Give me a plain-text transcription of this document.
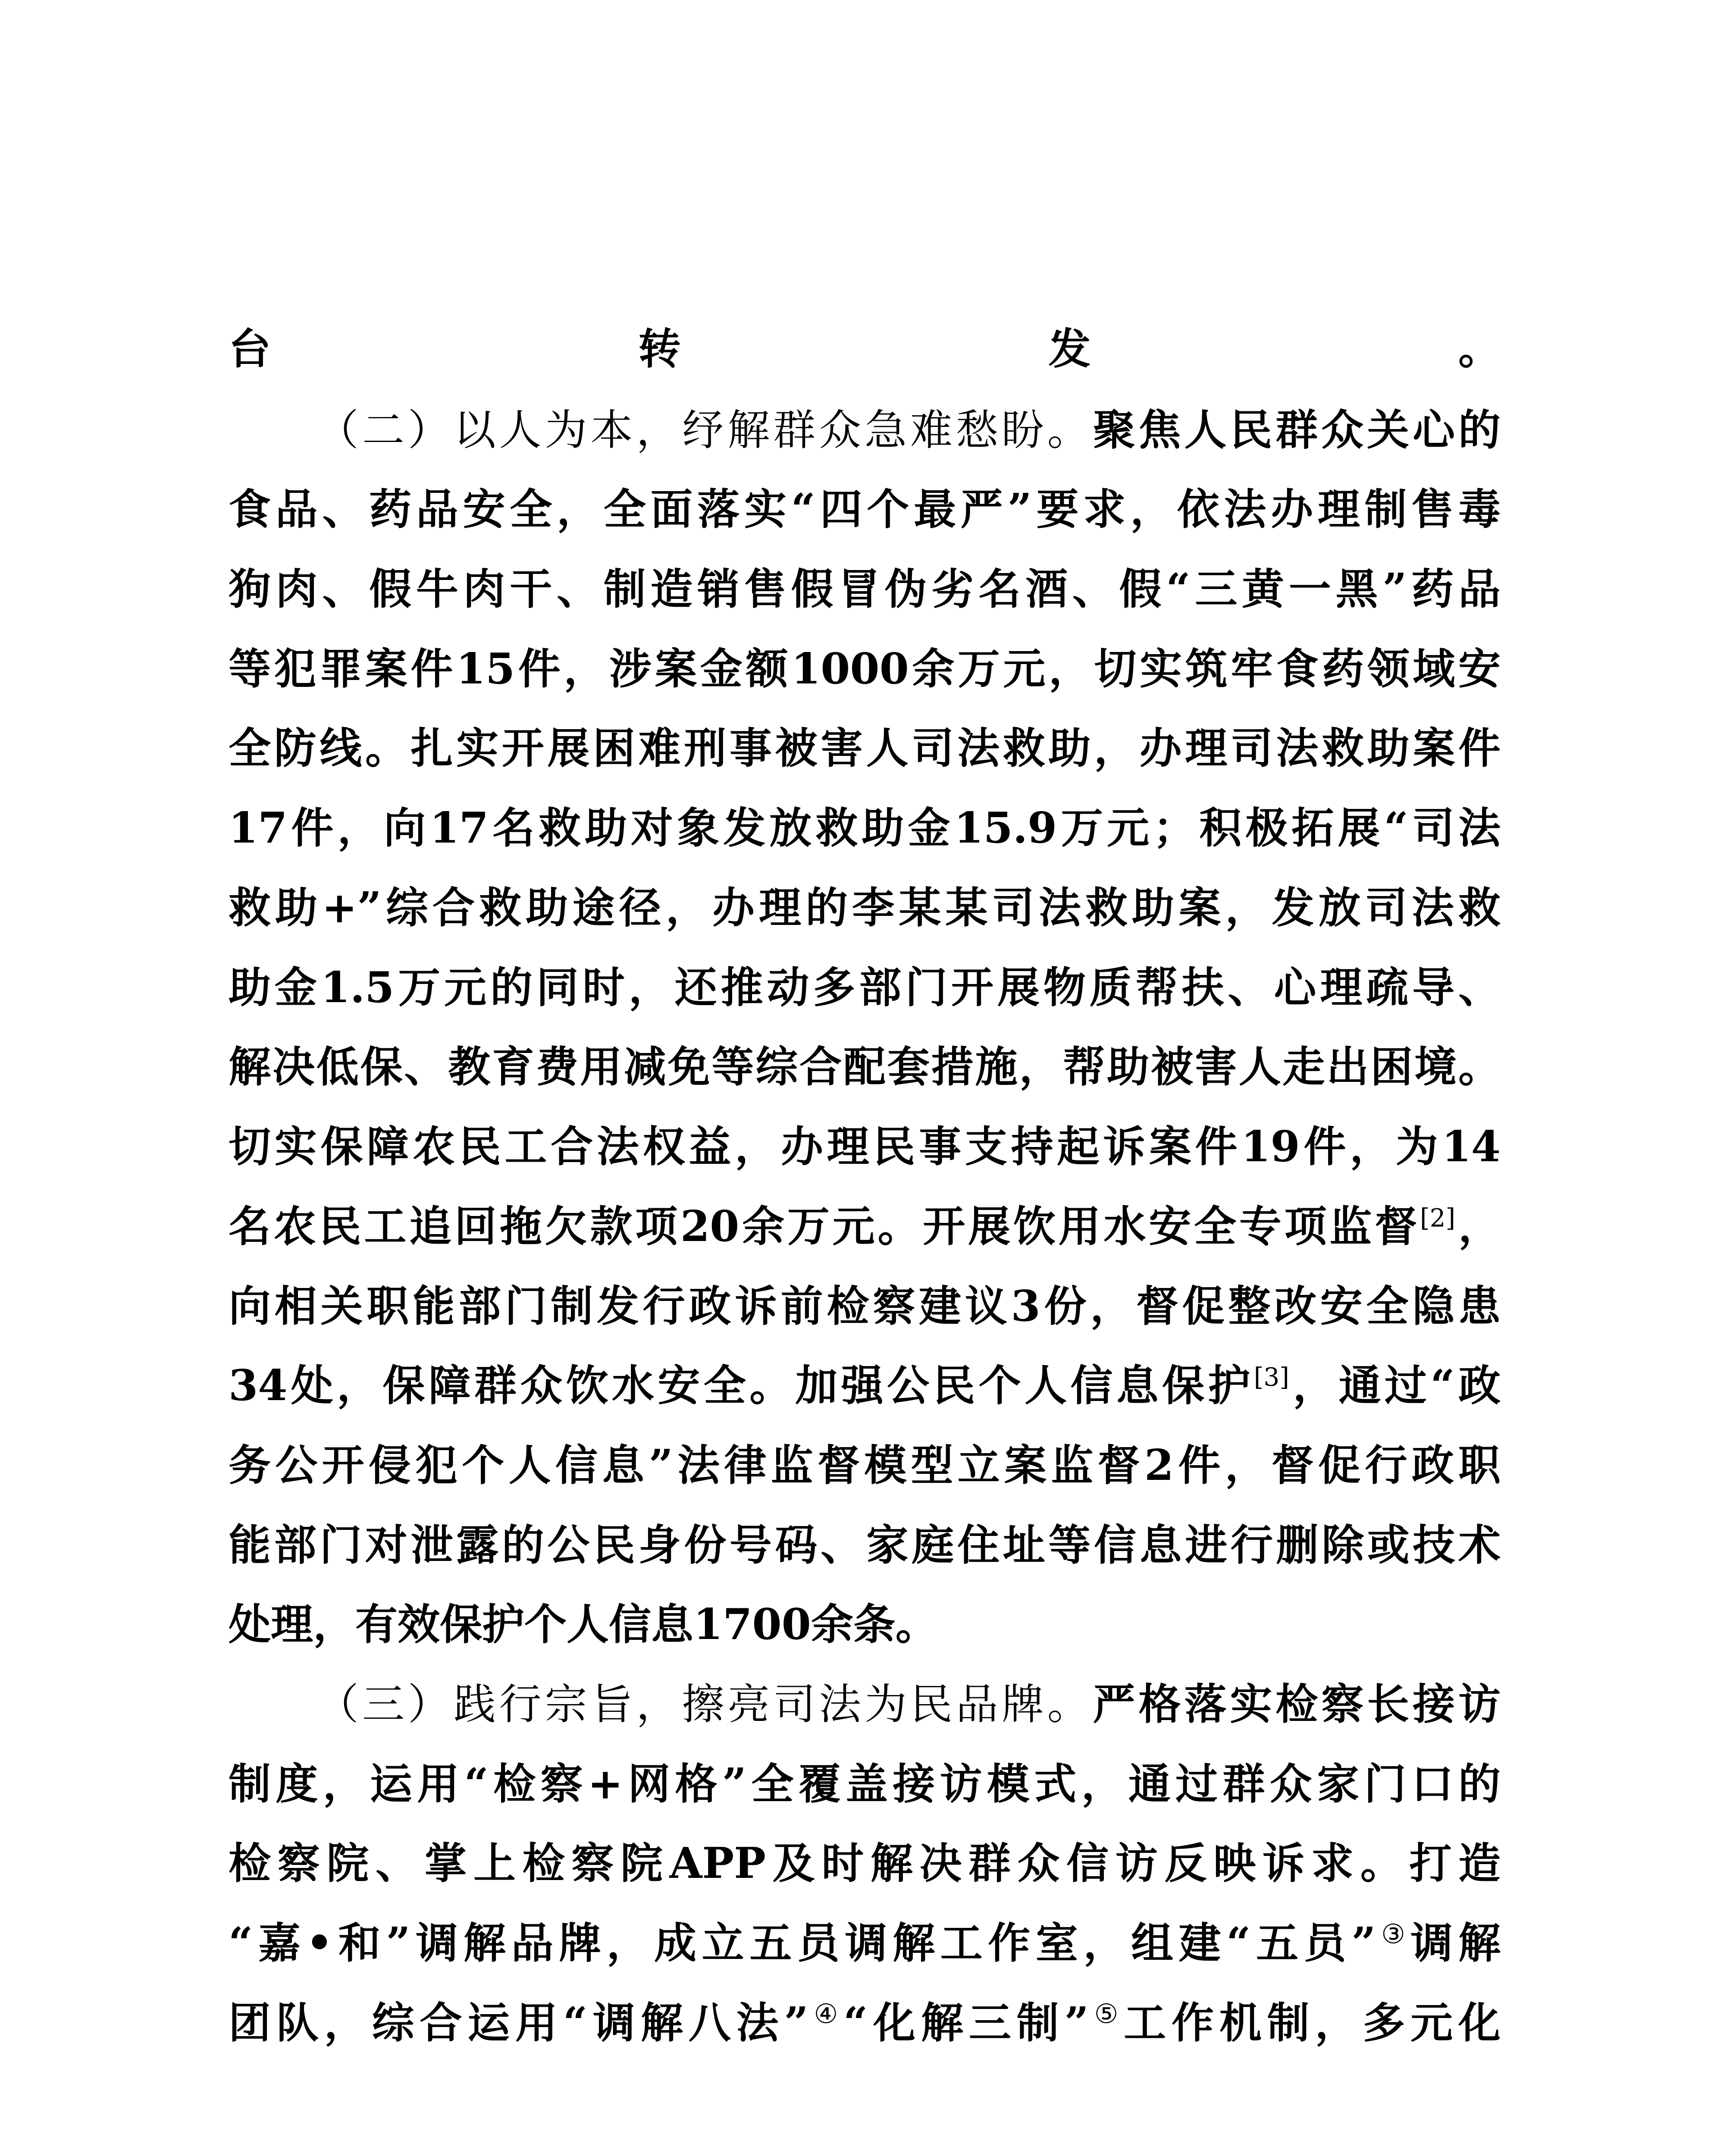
台转发。
（二）以人为本，纾解群众急难愁盼。聚焦人民群众关心的
食品、药品安全，全面落实“四个最严”要求，依法办理制售毒
狗肉、假牛肉干、制造销售假冒伪劣名酒、假“三黄一黑”药品
等犯罪案件15件，涉案金额1000余万元，切实筑牢食药领域安
全防线。扎实开展困难刑事被害人司法救助，办理司法救助案件
17件，向17名救助对象发放救助金15.9万元；积极拓展“司法
救助+”综合救助途径，办理的李某某司法救助案，发放司法救
助金1.5万元的同时，还推动多部门开展物质帮扶、心理疏导、
解决低保、教育费用减免等综合配套措施，帮助被害人走出困境。
切实保障农民工合法权益，办理民事支持起诉案件19件，为14
名农民工追回拖欠款项20余万元。开展饮用水安全专项监督[2]，
向相关职能部门制发行政诉前检察建议3份，督促整改安全隐患
34处，保障群众饮水安全。加强公民个人信息保护[3]，通过“政
务公开侵犯个人信息”法律监督模型立案监督2件，督促行政职
能部门对泄露的公民身份号码、家庭住址等信息进行删除或技术
处理，有效保护个人信息1700余条。
（三）践行宗旨，擦亮司法为民品牌。严格落实检察长接访
制度，运用“检察+网格”全覆盖接访模式，通过群众家门口的
检察院、掌上检察院APP及时解决群众信访反映诉求。打造
“嘉•和”调解品牌，成立五员调解工作室，组建“五员”③调解
团队，综合运用“调解八法”④“化解三制”⑤工作机制，多元化
